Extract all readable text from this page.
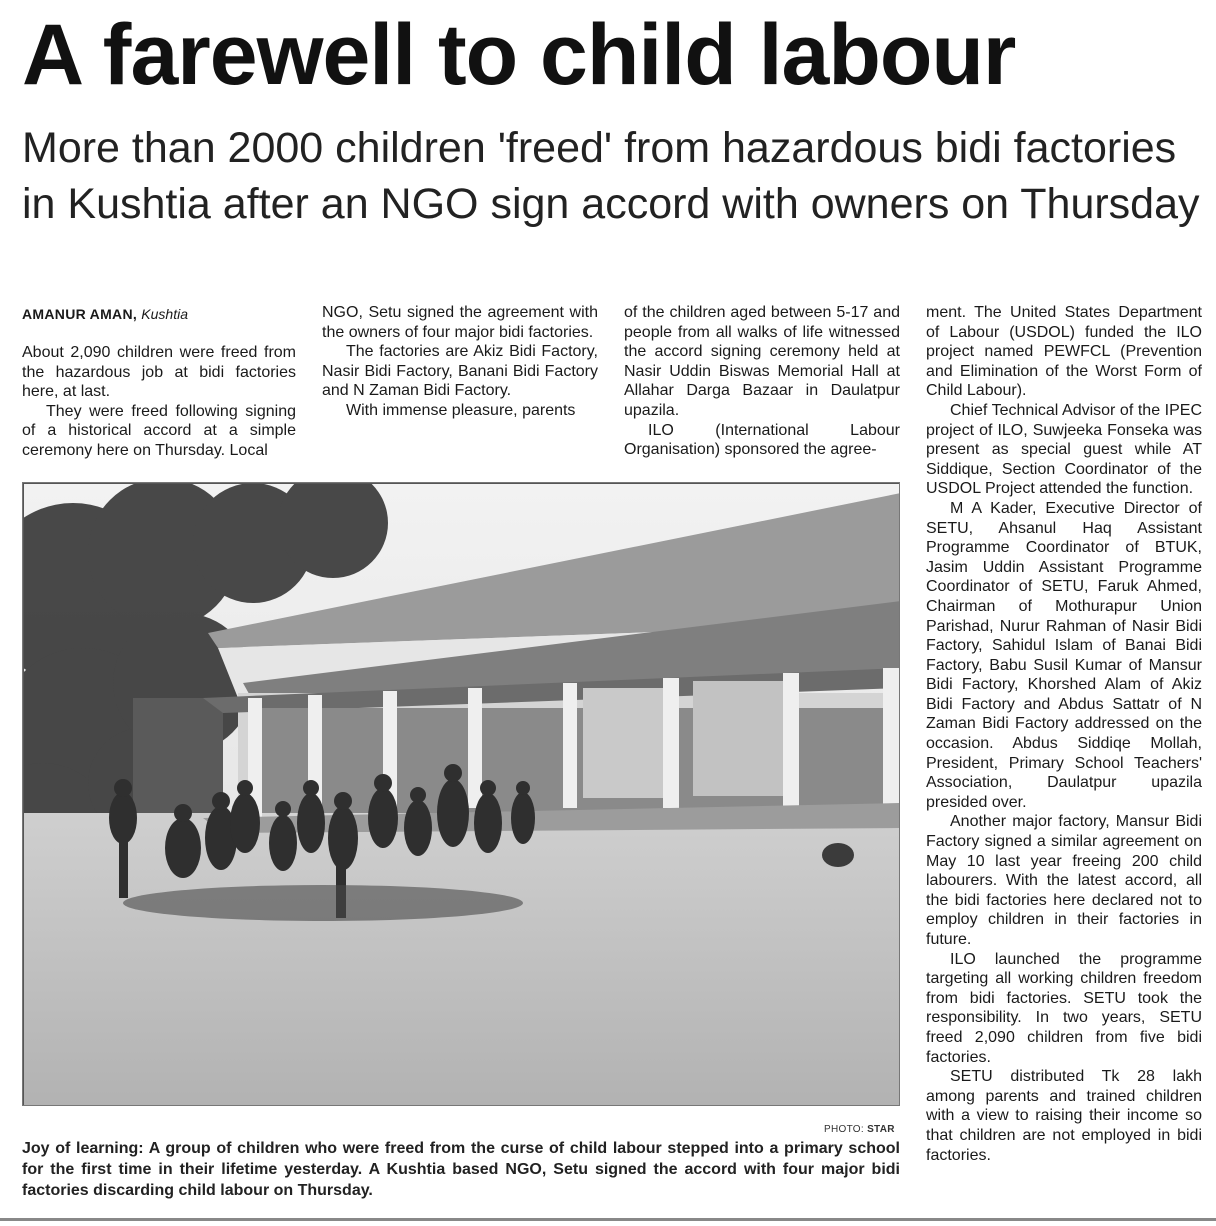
A farewell to child labour
More than 2000 children 'freed' from hazardous bidi factories in Kushtia after an NGO sign accord with owners on Thursday
AMANUR AMAN, Kushtia

About 2,090 children were freed from the hazardous job at bidi factories here, at last.

They were freed following signing of a historical accord at a simple ceremony here on Thursday. Local

NGO, Setu signed the agreement with the owners of four major bidi factories.

The factories are Akiz Bidi Factory, Nasir Bidi Factory, Banani Bidi Factory and N Zaman Bidi Factory.

With immense pleasure, parents

of the children aged between 5-17 and people from all walks of life witnessed the accord signing ceremony held at Nasir Uddin Biswas Memorial Hall at Allahar Darga Bazaar in Daulatpur upazila.

ILO (International Labour Organisation) sponsored the agree-

ment. The United States Department of Labour (USDOL) funded the ILO project named PEWFCL (Prevention and Elimination of the Worst Form of Child Labour).

Chief Technical Advisor of the IPEC project of ILO, Suwjeeka Fonseka was present as special guest while AT Siddique, Section Coordinator of the USDOL Project attended the function.

M A Kader, Executive Director of SETU, Ahsanul Haq Assistant Programme Coordinator of BTUK, Jasim Uddin Assistant Programme Coordinator of SETU, Faruk Ahmed, Chairman of Mothurapur Union Parishad, Nurur Rahman of Nasir Bidi Factory, Sahidul Islam of Banai Bidi Factory, Babu Susil Kumar of Mansur Bidi Factory, Khorshed Alam of Akiz Bidi Factory and Abdus Sattatr of N Zaman Bidi Factory addressed on the occasion. Abdus Siddiqe Mollah, President, Primary School Teachers' Association, Daulatpur upazila presided over.

Another major factory, Mansur Bidi Factory signed a similar agreement on May 10 last year freeing 200 child labourers. With the latest accord, all the bidi factories here declared not to employ children in their factories in future.

ILO launched the programme targeting all working children freedom from bidi factories. SETU took the responsibility. In two years, SETU freed 2,090 children from five bidi factories.

SETU distributed Tk 28 lakh among parents and trained children with a view to raising their income so that children are not employed in bidi factories.

PHOTO: STAR

Joy of learning: A group of children who were freed from the curse of child labour stepped into a primary school for the first time in their lifetime yesterday. A Kushtia based NGO, Setu signed the accord with four major bidi factories discarding child labour on Thursday.
